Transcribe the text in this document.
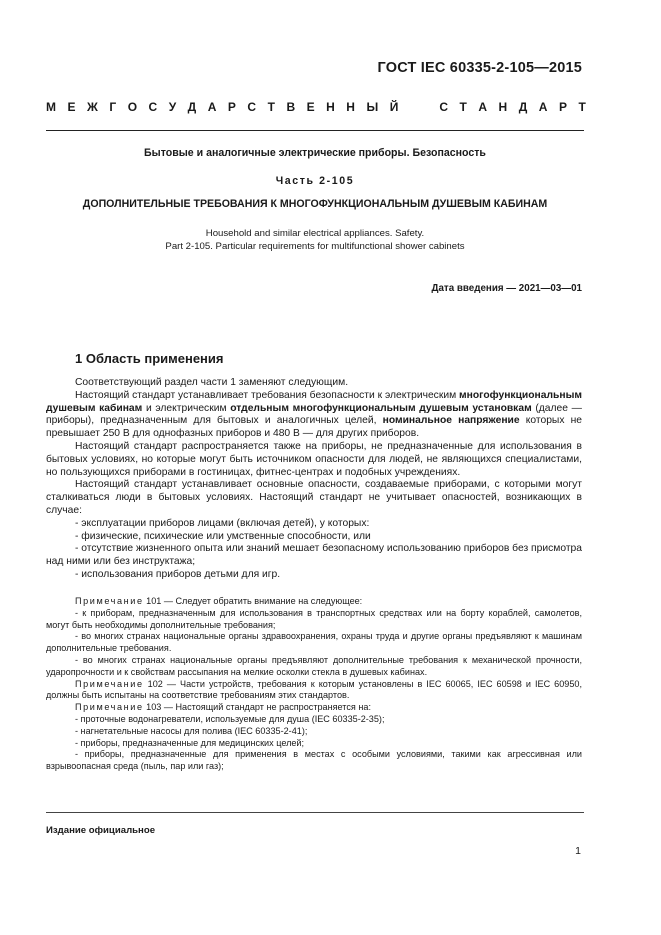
ГОСТ IEC 60335-2-105—2015
М Е Ж Г О С У Д А Р С Т В Е Н Н Ы Й	С Т А Н Д А Р Т
Бытовые и аналогичные электрические приборы. Безопасность
Часть 2-105
ДОПОЛНИТЕЛЬНЫЕ ТРЕБОВАНИЯ К МНОГОФУНКЦИОНАЛЬНЫМ ДУШЕВЫМ КАБИНАМ
Household and similar electrical appliances. Safety.
Part 2-105. Particular requirements for multifunctional shower cabinets
Дата введения — 2021—03—01
1 Область применения

Соответствующий раздел части 1 заменяют следующим.

Настоящий стандарт устанавливает требования безопасности к электрическим многофункциональным душевым кабинам и электрическим отдельным многофункциональным душевым установкам (далее — приборы), предназначенным для бытовых и аналогичных целей, номинальное напряжение которых не превышает 250 В для однофазных приборов и 480 В — для других приборов.

Настоящий стандарт распространяется также на приборы, не предназначенные для использования в бытовых условиях, но которые могут быть источником опасности для людей, не являющихся специалистами, но пользующихся приборами в гостиницах, фитнес-центрах и подобных учреждениях.

Настоящий стандарт устанавливает основные опасности, создаваемые приборами, с которыми могут сталкиваться люди в бытовых условиях. Настоящий стандарт не учитывает опасностей, возникающих в случае:

- эксплуатации приборов лицами (включая детей), у которых:

- физические, психические или умственные способности, или

- отсутствие жизненного опыта или знаний мешает безопасному использованию приборов без присмотра над ними или без инструктажа;

- использования приборов детьми для игр.

Примечание 101 — Следует обратить внимание на следующее:

- к приборам, предназначенным для использования в транспортных средствах или на борту кораблей, самолетов, могут быть необходимы дополнительные требования;

- во многих странах национальные органы здравоохранения, охраны труда и другие органы предъявляют к машинам дополнительные требования.

- во многих странах национальные органы предъявляют дополнительные требования к механической прочности, ударопрочности и к свойствам рассыпания на мелкие осколки стекла в душевых кабинах.

Примечание 102 — Части устройств, требования к которым установлены в IEC 60065, IEC 60598 и IEC 60950, должны быть испытаны на соответствие требованиям этих стандартов.

Примечание 103 — Настоящий стандарт не распространяется на:

- проточные водонагреватели, используемые для душа (IEC 60335-2-35);

- нагнетательные насосы для полива (IEC 60335-2-41);

- приборы, предназначенные для медицинских целей;

- приборы, предназначенные для применения в местах с особыми условиями, такими как агрессивная или взрывоопасная среда (пыль, пар или газ);

Издание официальное
1
